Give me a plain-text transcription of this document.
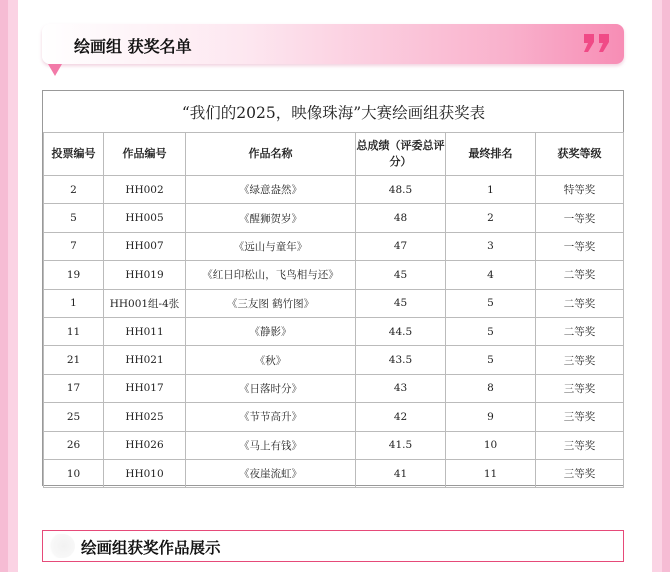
绘画组 获奖名单
“我们的2025，映像珠海”大赛绘画组获奖表					
投票编号	作品编号	作品名称	总成绩（评委总评分）	最终排名	获奖等级
2	HH002	《绿意盎然》	48.5	1	特等奖
5	HH005	《醒狮贺岁》	48	2	一等奖
7	HH007	《远山与童年》	47	3	一等奖
19	HH019	《红日印松山，飞鸟相与还》	45	4	二等奖
1	HH001组-4张	《三友图 鹤竹图》	45	5	二等奖
11	HH011	《静影》	44.5	5	二等奖
21	HH021	《秋》	43.5	5	三等奖
17	HH017	《日落时分》	43	8	三等奖
25	HH025	《节节高升》	42	9	三等奖
26	HH026	《马上有钱》	41.5	10	三等奖
10	HH010	《夜崖流虹》	41	11	三等奖
绘画组获奖作品展示
